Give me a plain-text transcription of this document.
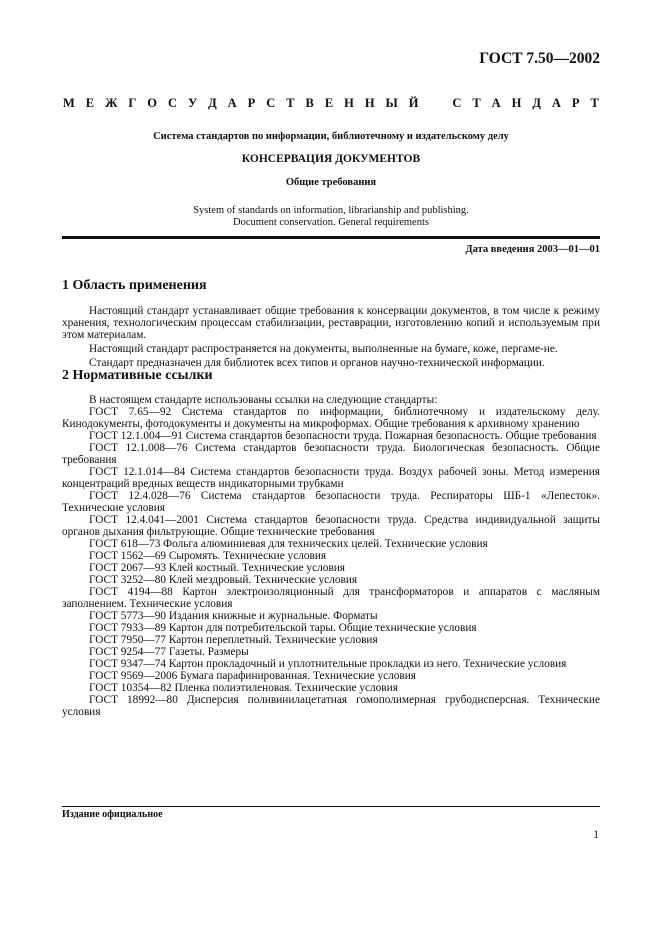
ГОСТ 7.50—2002
М Е Ж Г О С У Д А Р С Т В Е Н Н Ы Й	С Т А Н Д А Р Т
Система стандартов по информации, библиотечному и издательскому делу
КОНСЕРВАЦИЯ ДОКУМЕНТОВ
Общие требования
System of standards on information, librarianship and publishing.
Document conservation. General requirements
Дата введения 2003—01—01
1 Область применения

Настоящий стандарт устанавливает общие требования к консервации документов, в том числе к режиму хранения, технологическим процессам стабилизации, реставрации, изготовлению копий и используемым при этом материалам.

Настоящий стандарт распространяется на документы, выполненные на бумаге, коже, пергаме-не.

Стандарт предназначен для библиотек всех типов и органов научно-технической информации.

2 Нормативные ссылки

В настоящем стандарте использованы ссылки на следующие стандарты:

ГОСТ 7.65—92 Система стандартов по информации, библиотечному и издательскому делу. Кинодокументы, фотодокументы и документы на микроформах. Общие требования к архивному хранению

ГОСТ 12.1.004—91 Система стандартов безопасности труда. Пожарная безопасность. Общие требования

ГОСТ 12.1.008—76 Система стандартов безопасности труда. Биологическая безопасность. Общие требования

ГОСТ 12.1.014—84 Система стандартов безопасности труда. Воздух рабочей зоны. Метод измерения концентраций вредных веществ индикаторными трубками

ГОСТ 12.4.028—76 Система стандартов безопасности труда. Респираторы ШБ-1 «Лепесток». Технические условия

ГОСТ 12.4.041—2001 Система стандартов безопасности труда. Средства индивидуальной защиты органов дыхания фильтрующие. Общие технические требования

ГОСТ 618—73 Фольга алюминиевая для технических целей. Технические условия

ГОСТ 1562—69 Сыромять. Технические условия

ГОСТ 2067—93 Клей костный. Технические условия

ГОСТ 3252—80 Клей мездровый. Технические условия

ГОСТ 4194—88 Картон электроизоляционный для трансформаторов и аппаратов с масляным заполнением. Технические условия

ГОСТ 5773—90 Издания книжные и журнальные. Форматы

ГОСТ 7933—89 Картон для потребительской тары. Общие технические условия

ГОСТ 7950—77 Картон переплетный. Технические условия

ГОСТ 9254—77 Газеты. Размеры

ГОСТ 9347—74 Картон прокладочный и уплотнительные прокладки из него. Технические условия

ГОСТ 9569—2006 Бумага парафинированная. Технические условия

ГОСТ 10354—82 Пленка полиэтиленовая. Технические условия

ГОСТ 18992—80 Дисперсия поливинилацетатная гомополимерная грубодисперсная. Технические условия

Издание официальное
1
